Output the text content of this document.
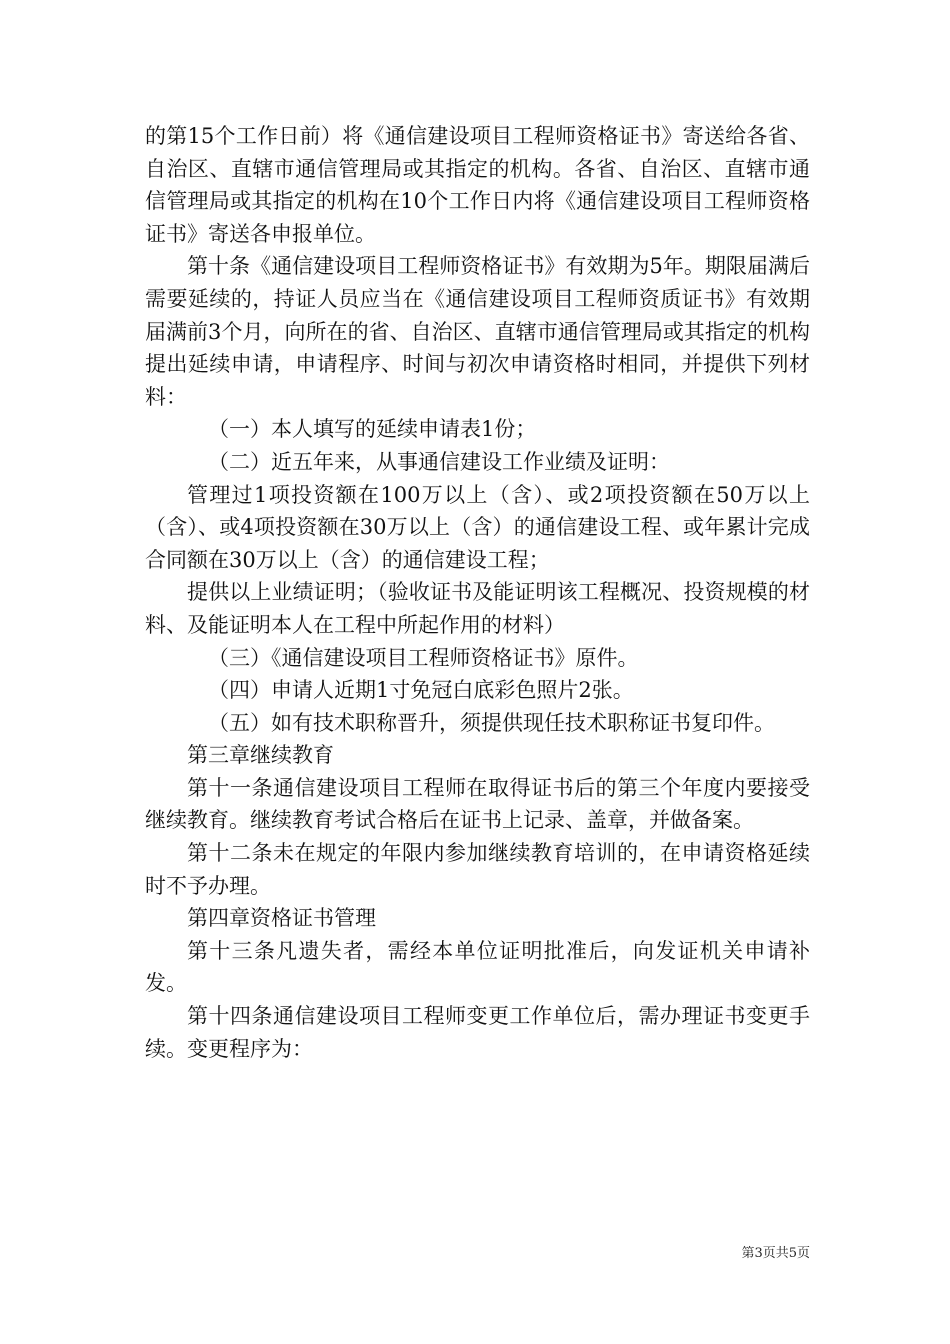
的第15个工作日前）将《通信建设项目工程师资格证书》寄送给各省、自治区、直辖市通信管理局或其指定的机构。各省、自治区、直辖市通信管理局或其指定的机构在10个工作日内将《通信建设项目工程师资格证书》寄送各申报单位。

第十条《通信建设项目工程师资格证书》有效期为5年。期限届满后需要延续的，持证人员应当在《通信建设项目工程师资质证书》有效期届满前3个月，向所在的省、自治区、直辖市通信管理局或其指定的机构提出延续申请，申请程序、时间与初次申请资格时相同，并提供下列材料：

（一）本人填写的延续申请表1份；

（二）近五年来，从事通信建设工作业绩及证明：

管理过1项投资额在100万以上（含）、或2项投资额在50万以上（含）、或4项投资额在30万以上（含）的通信建设工程、或年累计完成合同额在30万以上（含）的通信建设工程；

提供以上业绩证明；（验收证书及能证明该工程概况、投资规模的材料、及能证明本人在工程中所起作用的材料）

（三）《通信建设项目工程师资格证书》原件。

（四）申请人近期1寸免冠白底彩色照片2张。

（五）如有技术职称晋升，须提供现任技术职称证书复印件。

第三章继续教育

第十一条通信建设项目工程师在取得证书后的第三个年度内要接受继续教育。继续教育考试合格后在证书上记录、盖章，并做备案。

第十二条未在规定的年限内参加继续教育培训的，在申请资格延续时不予办理。

第四章资格证书管理

第十三条凡遗失者，需经本单位证明批准后，向发证机关申请补发。

第十四条通信建设项目工程师变更工作单位后，需办理证书变更手续。变更程序为：

第3页共5页
